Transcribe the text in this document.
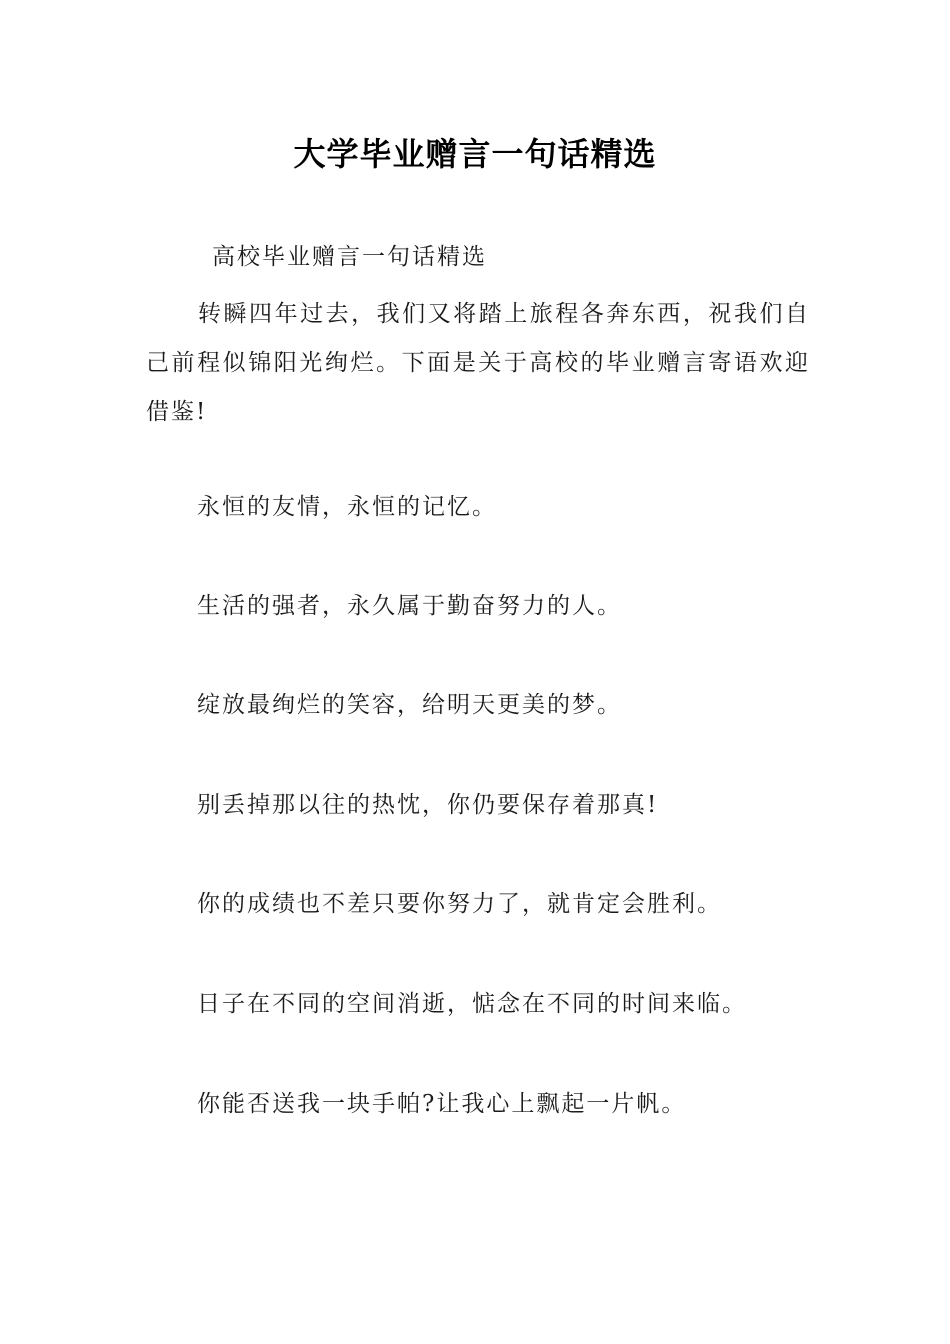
大学毕业赠言一句话精选

高校毕业赠言一句话精选

转瞬四年过去，我们又将踏上旅程各奔东西，祝我们自己前程似锦阳光绚烂。下面是关于高校的毕业赠言寄语欢迎借鉴!

永恒的友情，永恒的记忆。

生活的强者，永久属于勤奋努力的人。

绽放最绚烂的笑容，给明天更美的梦。

别丢掉那以往的热忱，你仍要保存着那真!

你的成绩也不差只要你努力了，就肯定会胜利。

日子在不同的空间消逝，惦念在不同的时间来临。

你能否送我一块手帕?让我心上飘起一片帆。
